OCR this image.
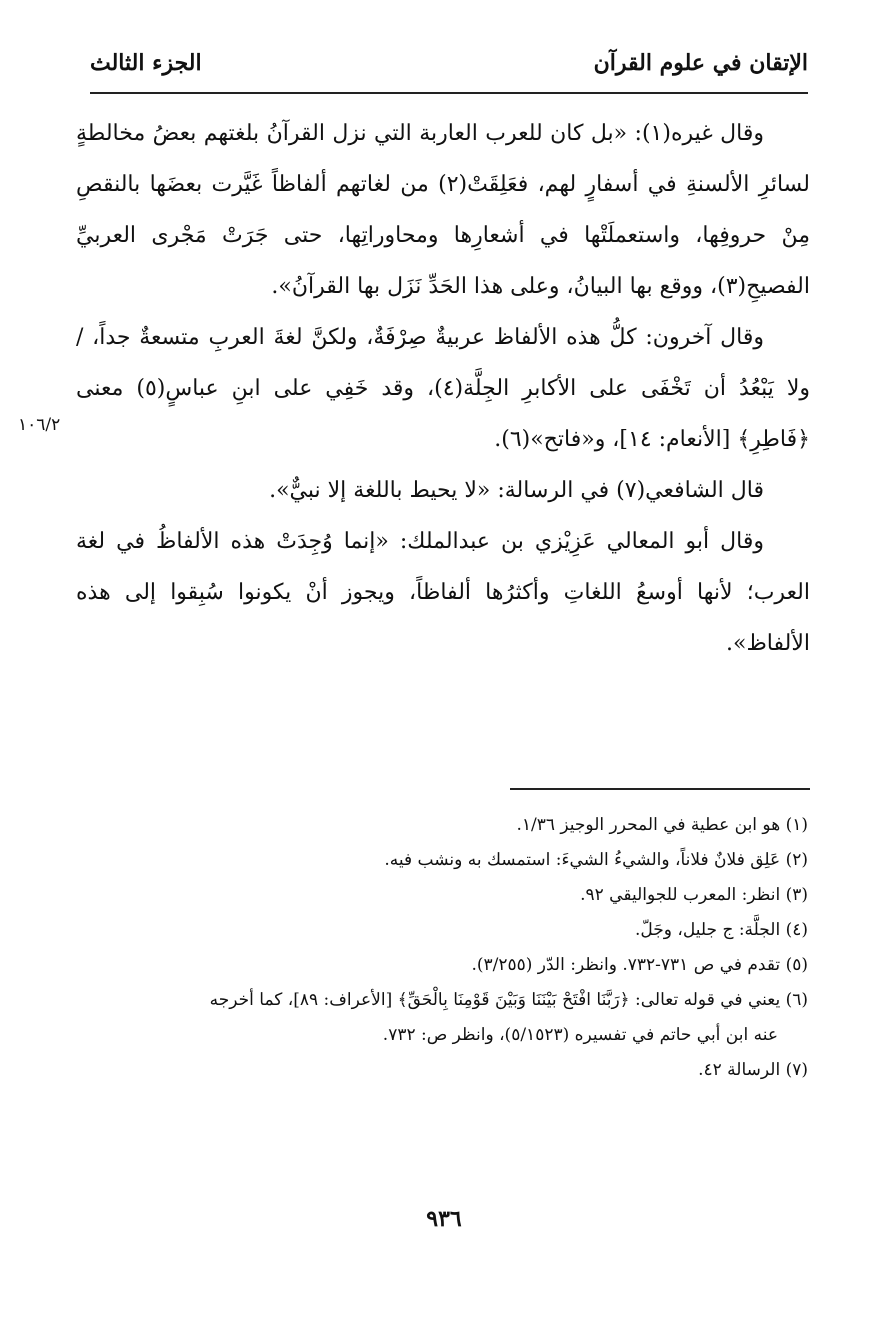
الإتقان في علوم القرآن
الجزء الثالث

وقال غيره(١): «بل كان للعرب العاربة التي نزل القرآنُ بلغتهم بعضُ مخالطةٍ لسائرِ الألسنةِ في أسفارٍ لهم، فعَلِقَتْ(٢) من لغاتهم ألفاظاً غَيَّرت بعضَها بالنقصِ مِنْ حروفِها، واستعملَتْها في أشعارِها ومحاوراتِها، حتى جَرَتْ مَجْرى العربيِّ الفصيحِ(٣)، ووقع بها البيانُ، وعلى هذا الحَدِّ نَزَل بها القرآنُ».

وقال آخرون: كلُّ هذه الألفاظ عربيةٌ صِرْفَةٌ، ولكنَّ لغةَ العربِ متسعةٌ جداً، / ولا يَبْعُدُ أن تَخْفَى على الأكابرِ الجِلَّة(٤)، وقد خَفِي على ابنِ عباسٍ(٥) معنى ﴿فَاطِرِ﴾ [الأنعام: ١٤]، و«فاتح»(٦).

قال الشافعي(٧) في الرسالة: «لا يحيط باللغة إلا نبيٌّ».

وقال أبو المعالي عَزِيْزي بن عبدالملك: «إنما وُجِدَتْ هذه الألفاظُ في لغة العرب؛ لأنها أوسعُ اللغاتِ وأكثرُها ألفاظاً، ويجوز أنْ يكونوا سُبِقوا إلى هذه الألفاظ».

١٠٦/٢

(١) هو ابن عطية في المحرر الوجيز ١/٣٦.

(٢) عَلِق فلانٌ فلاناً، والشيءُ الشيءَ: استمسك به ونشب فيه.

(٣) انظر: المعرب للجواليقي ٩٢.

(٤) الجلَّة: ج جليل، وجَلّ.

(٥) تقدم في ص ٧٣١-٧٣٢. وانظر: الدّر (٣/٢٥٥).

(٦) يعني في قوله تعالى: ﴿رَبَّنَا افْتَحْ بَيْنَنَا وَبَيْنَ قَوْمِنَا بِالْحَقِّ﴾ [الأعراف: ٨٩]، كما أخرجه

عنه ابن أبي حاتم في تفسيره (٥/١٥٢٣)، وانظر ص: ٧٣٢.

(٧) الرسالة ٤٢.

٩٣٦
